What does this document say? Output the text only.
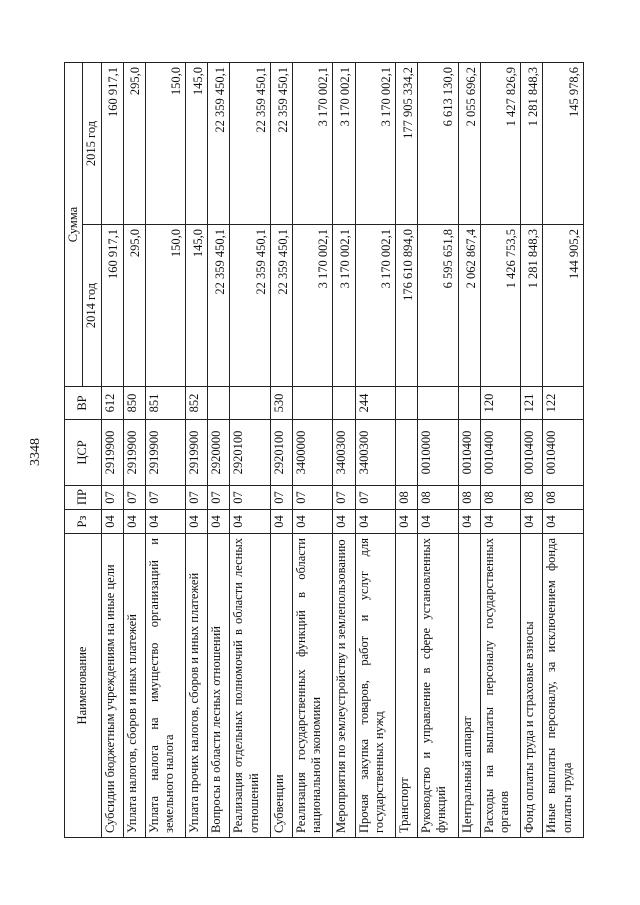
3348
Наименование	Рз	ПР	ЦСР	ВР	Сумма	
					2014 год	2015 год
Субсидии бюджетным учреждениям на иные цели	04	07	2919900	612	160 917,1	160 917,1
Уплата налогов, сборов и иных платежей	04	07	2919900	850	295,0	295,0
Уплата налога на имущество организаций и земельного налога	04	07	2919900	851	150,0	150,0
Уплата прочих налогов, сборов и иных платежей	04	07	2919900	852	145,0	145,0
Вопросы в области лесных отношений	04	07	2920000		22 359 450,1	22 359 450,1
Реализация отдельных полномочий в области лесных отношений	04	07	2920100		22 359 450,1	22 359 450,1
Субвенции	04	07	2920100	530	22 359 450,1	22 359 450,1
Реализация государственных функций в области национальной экономики	04	07	3400000		3 170 002,1	3 170 002,1
Мероприятия по землеустройству и землепользованию	04	07	3400300		3 170 002,1	3 170 002,1
Прочая закупка товаров, работ и услуг для государственных нужд	04	07	3400300	244	3 170 002,1	3 170 002,1
Транспорт	04	08			176 610 894,0	177 905 334,2
Руководство и управление в сфере установленных функций	04	08	0010000		6 595 651,8	6 613 130,0
Центральный аппарат	04	08	0010400		2 062 867,4	2 055 696,2
Расходы на выплаты персоналу государственных органов	04	08	0010400	120	1 426 753,5	1 427 826,9
Фонд оплаты труда и страховые взносы	04	08	0010400	121	1 281 848,3	1 281 848,3
Иные выплаты персоналу, за исключением фонда оплаты труда	04	08	0010400	122	144 905,2	145 978,6
